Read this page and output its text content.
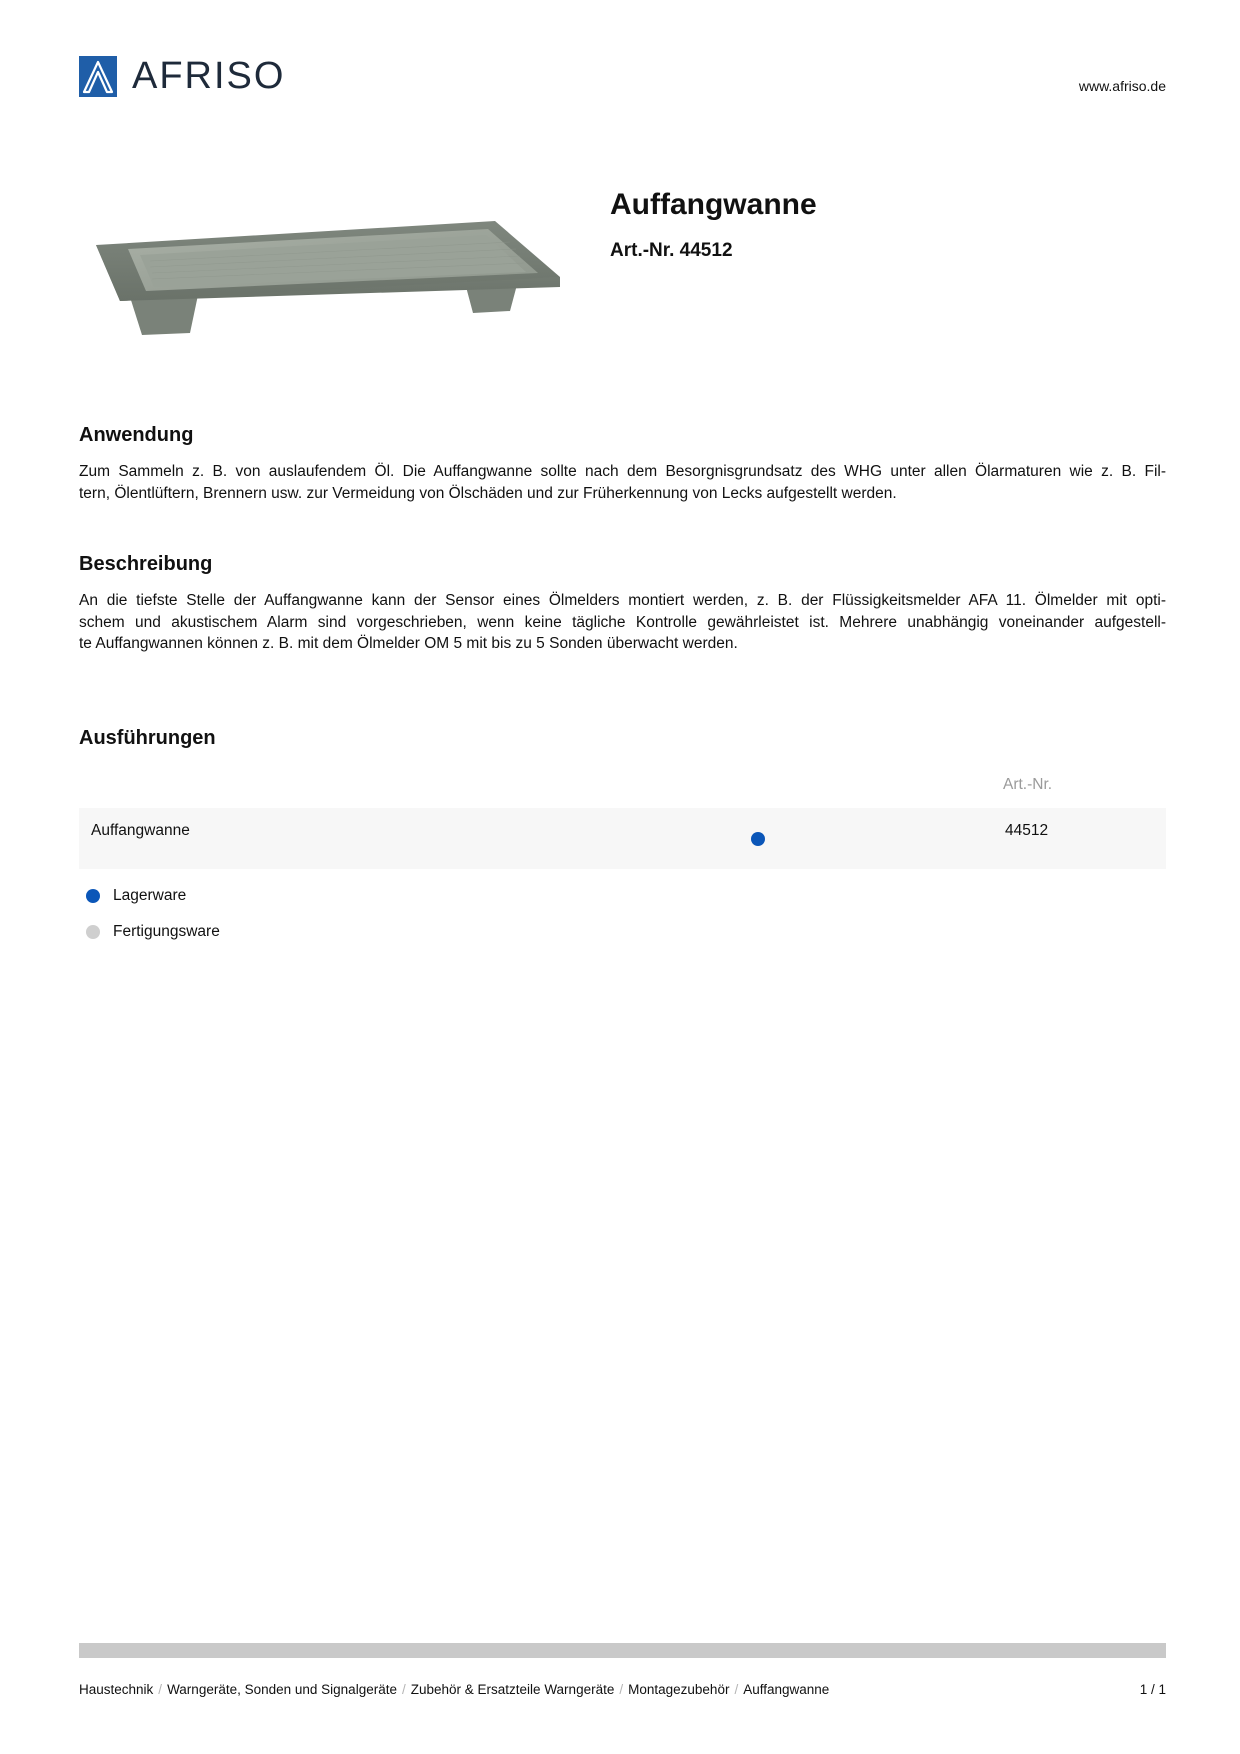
AFRISO	www.afriso.de
Auffangwanne
Art.-Nr. 44512
Anwendung

Zum Sammeln z. B. von auslaufendem Öl. Die Auffangwanne sollte nach dem Besorgnisgrundsatz des WHG unter allen Ölarmaturen wie z. B. Fil-
tern, Ölentlüftern, Brennern usw. zur Vermeidung von Ölschäden und zur Früherkennung von Lecks aufgestellt werden.

Beschreibung

An die tiefste Stelle der Auffangwanne kann der Sensor eines Ölmelders montiert werden, z. B. der Flüssigkeitsmelder AFA 11. Ölmelder mit opti-
schem und akustischem Alarm sind vorgeschrieben, wenn keine tägliche Kontrolle gewährleistet ist. Mehrere unabhängig voneinander aufgestell-
te Auffangwannen können z. B. mit dem Ölmelder OM 5 mit bis zu 5 Sonden überwacht werden.

Ausführungen
Art.-Nr.
Auffangwanne	44512
Lagerware
Fertigungsware
Haustechnik / Warngeräte, Sonden und Signalgeräte / Zubehör & Ersatzteile Warngeräte / Montagezubehör / Auffangwanne	1 / 1
